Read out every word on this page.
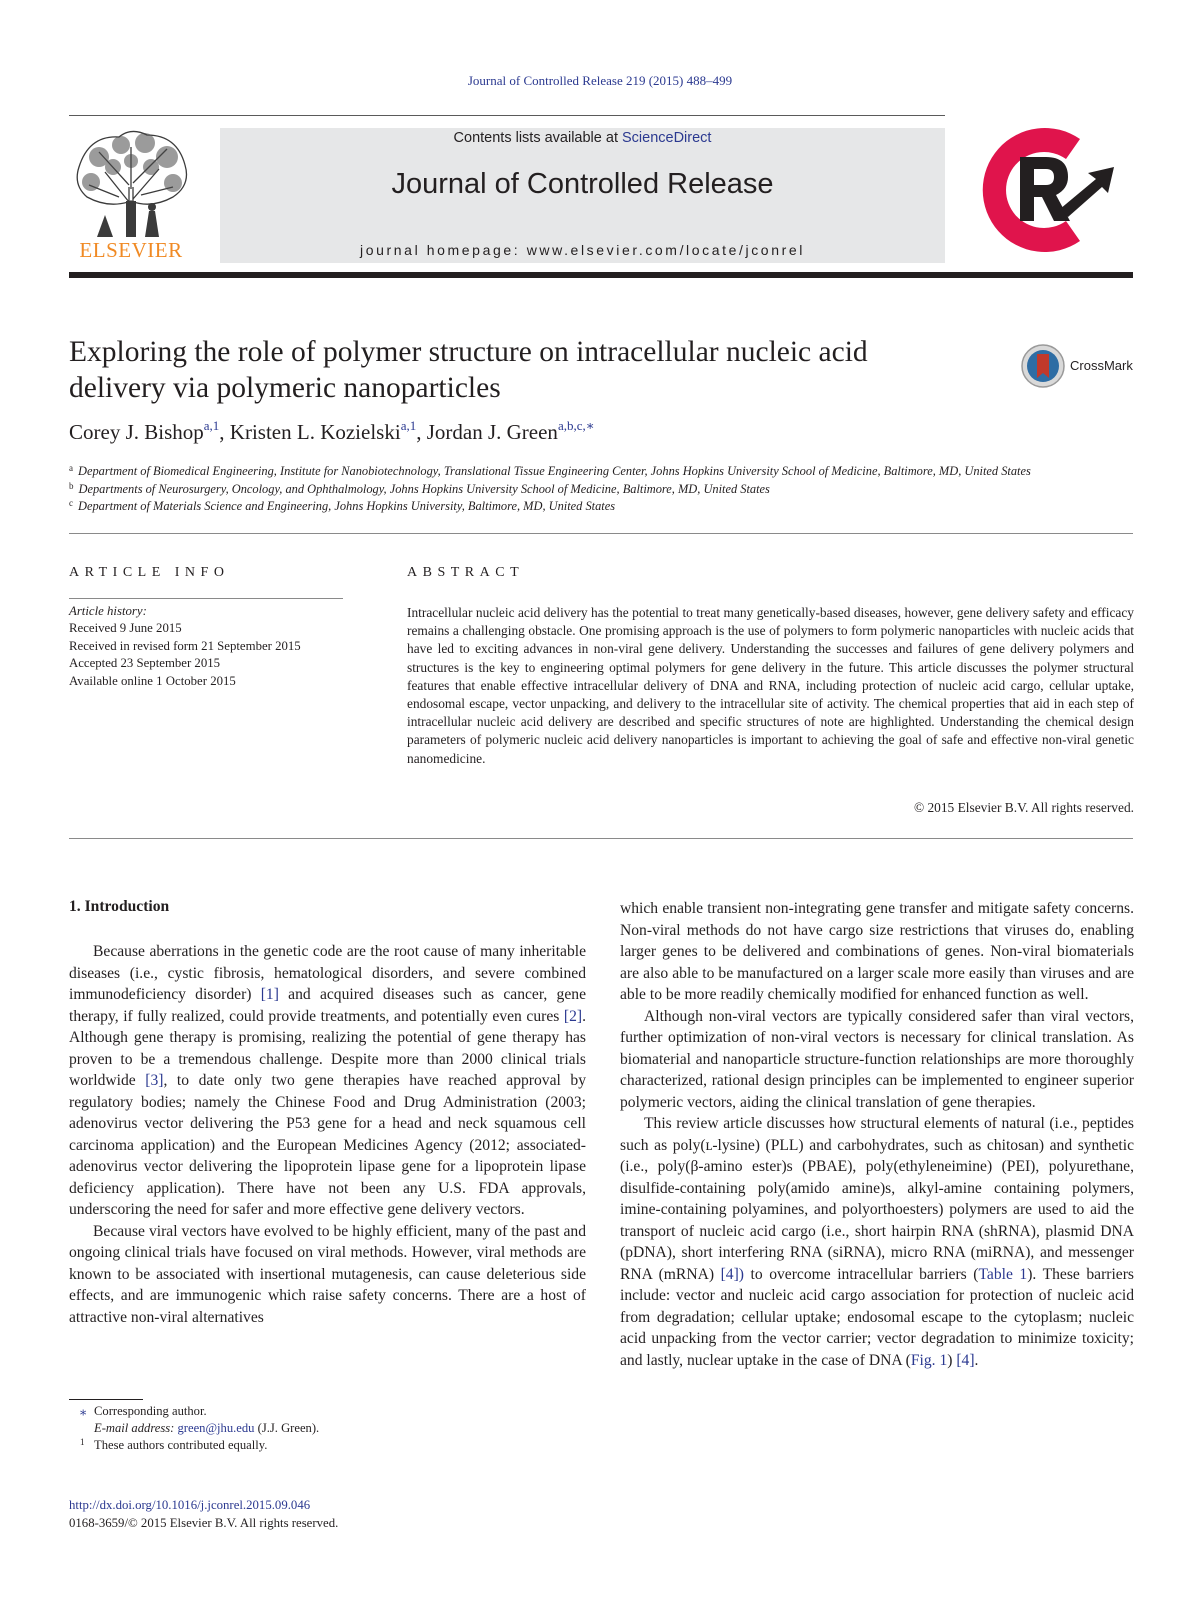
Journal of Controlled Release 219 (2015) 488–499
ELSEVIER
Contents lists available at ScienceDirect
Journal of Controlled Release
journal homepage: www.elsevier.com/locate/jconrel
Exploring the role of polymer structure on intracellular nucleic acid delivery via polymeric nanoparticles
CrossMark
Corey J. Bishop$^{a,1}$, Kristen L. Kozielski$^{a,1}$, Jordan J. Green$^{a,b,c,∗}$
$^a$ Department of Biomedical Engineering, Institute for Nanobiotechnology, Translational Tissue Engineering Center, Johns Hopkins University School of Medicine, Baltimore, MD, United States
$^b$ Departments of Neurosurgery, Oncology, and Ophthalmology, Johns Hopkins University School of Medicine, Baltimore, MD, United States
$^c$ Department of Materials Science and Engineering, Johns Hopkins University, Baltimore, MD, United States
ARTICLE INFO
Article history:
Received 9 June 2015
Received in revised form 21 September 2015
Accepted 23 September 2015
Available online 1 October 2015
ABSTRACT
Intracellular nucleic acid delivery has the potential to treat many genetically-based diseases, however, gene delivery safety and efficacy remains a challenging obstacle. One promising approach is the use of polymers to form polymeric nanoparticles with nucleic acids that have led to exciting advances in non-viral gene delivery. Understanding the successes and failures of gene delivery polymers and structures is the key to engineering optimal polymers for gene delivery in the future. This article discusses the polymer structural features that enable effective intracellular delivery of DNA and RNA, including protection of nucleic acid cargo, cellular uptake, endosomal escape, vector unpacking, and delivery to the intracellular site of activity. The chemical properties that aid in each step of intracellular nucleic acid delivery are described and specific structures of note are highlighted. Understanding the chemical design parameters of polymeric nucleic acid delivery nanoparticles is important to achieving the goal of safe and effective non-viral genetic nanomedicine.
© 2015 Elsevier B.V. All rights reserved.
1. Introduction

Because aberrations in the genetic code are the root cause of many inheritable diseases (i.e., cystic fibrosis, hematological disorders, and severe combined immunodeficiency disorder) [1] and acquired diseases such as cancer, gene therapy, if fully realized, could provide treatments, and potentially even cures [2]. Although gene therapy is promising, realizing the potential of gene therapy has proven to be a tremendous challenge. Despite more than 2000 clinical trials worldwide [3], to date only two gene therapies have reached approval by regulatory bodies; namely the Chinese Food and Drug Administration (2003; adenovirus vector delivering the P53 gene for a head and neck squamous cell carcinoma application) and the European Medicines Agency (2012; associated-adenovirus vector delivering the lipoprotein lipase gene for a lipoprotein lipase deficiency application). There have not been any U.S. FDA approvals, underscoring the need for safer and more effective gene delivery vectors.

Because viral vectors have evolved to be highly efficient, many of the past and ongoing clinical trials have focused on viral methods. However, viral methods are known to be associated with insertional mutagenesis, can cause deleterious side effects, and are immunogenic which raise safety concerns. There are a host of attractive non-viral alternatives

which enable transient non-integrating gene transfer and mitigate safety concerns. Non-viral methods do not have cargo size restrictions that viruses do, enabling larger genes to be delivered and combinations of genes. Non-viral biomaterials are also able to be manufactured on a larger scale more easily than viruses and are able to be more readily chemically modified for enhanced function as well.

Although non-viral vectors are typically considered safer than viral vectors, further optimization of non-viral vectors is necessary for clinical translation. As biomaterial and nanoparticle structure-function relationships are more thoroughly characterized, rational design principles can be implemented to engineer superior polymeric vectors, aiding the clinical translation of gene therapies.

This review article discusses how structural elements of natural (i.e., peptides such as poly(ʟ-lysine) (PLL) and carbohydrates, such as chitosan) and synthetic (i.e., poly(β-amino ester)s (PBAE), poly(ethyleneimine) (PEI), polyurethane, disulfide-containing poly(amido amine)s, alkyl-amine containing polymers, imine-containing polyamines, and polyorthoesters) polymers are used to aid the transport of nucleic acid cargo (i.e., short hairpin RNA (shRNA), plasmid DNA (pDNA), short interfering RNA (siRNA), micro RNA (miRNA), and messenger RNA (mRNA) [4]) to overcome intracellular barriers (Table 1). These barriers include: vector and nucleic acid cargo association for protection of nucleic acid from degradation; cellular uptake; endosomal escape to the cytoplasm; nucleic acid unpacking from the vector carrier; vector degradation to minimize toxicity; and lastly, nuclear uptake in the case of DNA (Fig. 1) [4].

⁎ Corresponding author.
E-mail address: green@jhu.edu (J.J. Green).
1 These authors contributed equally.
http://dx.doi.org/10.1016/j.jconrel.2015.09.046
0168-3659/© 2015 Elsevier B.V. All rights reserved.
